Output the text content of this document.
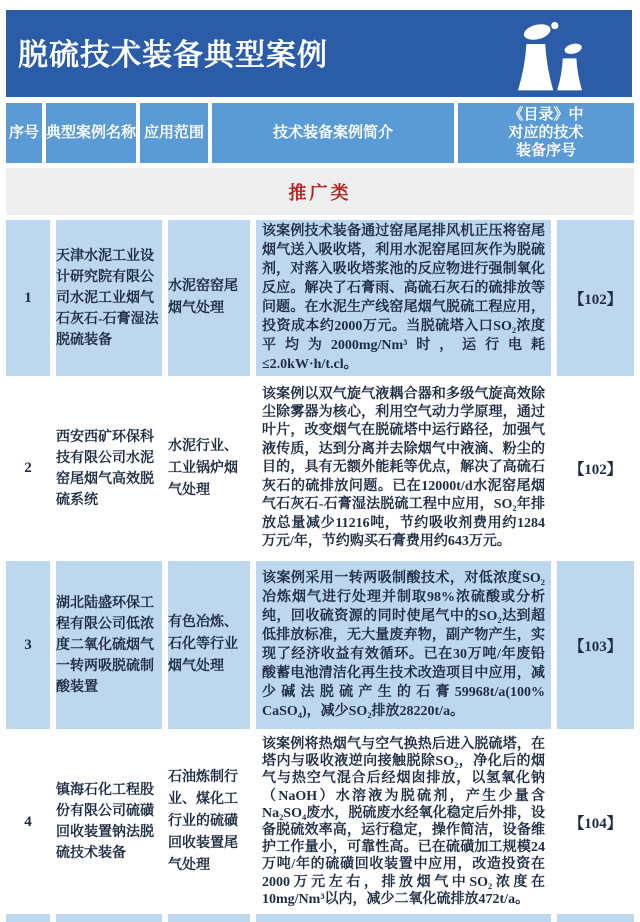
脱硫技术装备典型案例
序号 典型案例名称 应用范围	技术装备案例简介
《目录》中对应的技术装备序号
推广类
1
天津水泥工业设计研究院有限公司水泥工业烟气石灰石-石膏湿法脱硫装备
水泥窑窑尾烟气处理
该案例技术装备通过窑尾尾排风机正压将窑尾烟气送入吸收塔，利用水泥窑尾回灰作为脱硫剂，对落入吸收塔浆池的反应物进行强制氧化反应。解决了石膏雨、高硫石灰石的硫排放等问题。在水泥生产线窑尾烟气脱硫工程应用，投资成本约2000万元。当脱硫塔入口SO₂浓度平均为2000mg/Nm³时，运行电耗≤2.0kW·h/t.cl。
【102】
2
西安西矿环保科技有限公司水泥窑尾烟气高效脱硫系统
水泥行业、工业锅炉烟气处理
该案例以双气旋气液耦合器和多级气旋高效除尘除雾器为核心，利用空气动力学原理，通过叶片，改变烟气在脱硫塔中运行路径，加强气液传质，达到分离并去除烟气中液滴、粉尘的目的，具有无额外能耗等优点，解决了高硫石灰石的硫排放问题。已在12000t/d水泥窑尾烟气石灰石-石膏湿法脱硫工程中应用，SO₂年排放总量减少11216吨，节约吸收剂费用约1284万元/年，节约购买石膏费用约643万元。
【102】
3
湖北陆盛环保工程有限公司低浓度二氧化硫烟气一转两吸脱硫制酸装置
有色冶炼、石化等行业烟气处理
该案例采用一转两吸制酸技术，对低浓度SO₂冶炼烟气进行处理并制取98%浓硫酸或分析纯，回收硫资源的同时使尾气中的SO₂达到超低排放标准，无大量废弃物，副产物产生，实现了经济收益有效循环。已在30万吨/年废铅酸蓄电池清洁化再生技术改造项目中应用，减少碱法脱硫产生的石膏59968t/a(100% CaSO₄)，减少SO₂排放28220t/a。
【103】
4
镇海石化工程股份有限公司硫磺回收装置钠法脱硫技术装备
石油炼制行业、煤化工行业的硫磺回收装置尾气处理
该案例将热烟气与空气换热后进入脱硫塔，在塔内与吸收液逆向接触脱除SO₂，净化后的烟气与热空气混合后经烟囱排放，以氢氧化钠（NaOH）水溶液为脱硫剂，产生少量含Na₂SO₄废水，脱硫废水经氧化稳定后外排，设备脱硫效率高，运行稳定，操作简洁，设备维护工作量小，可靠性高。已在硫磺加工规模24万吨/年的硫磺回收装置中应用，改造投资在2000万元左右，排放烟气中SO₂浓度在10mg/Nm³以内，减少二氧化硫排放472t/a。
【104】
